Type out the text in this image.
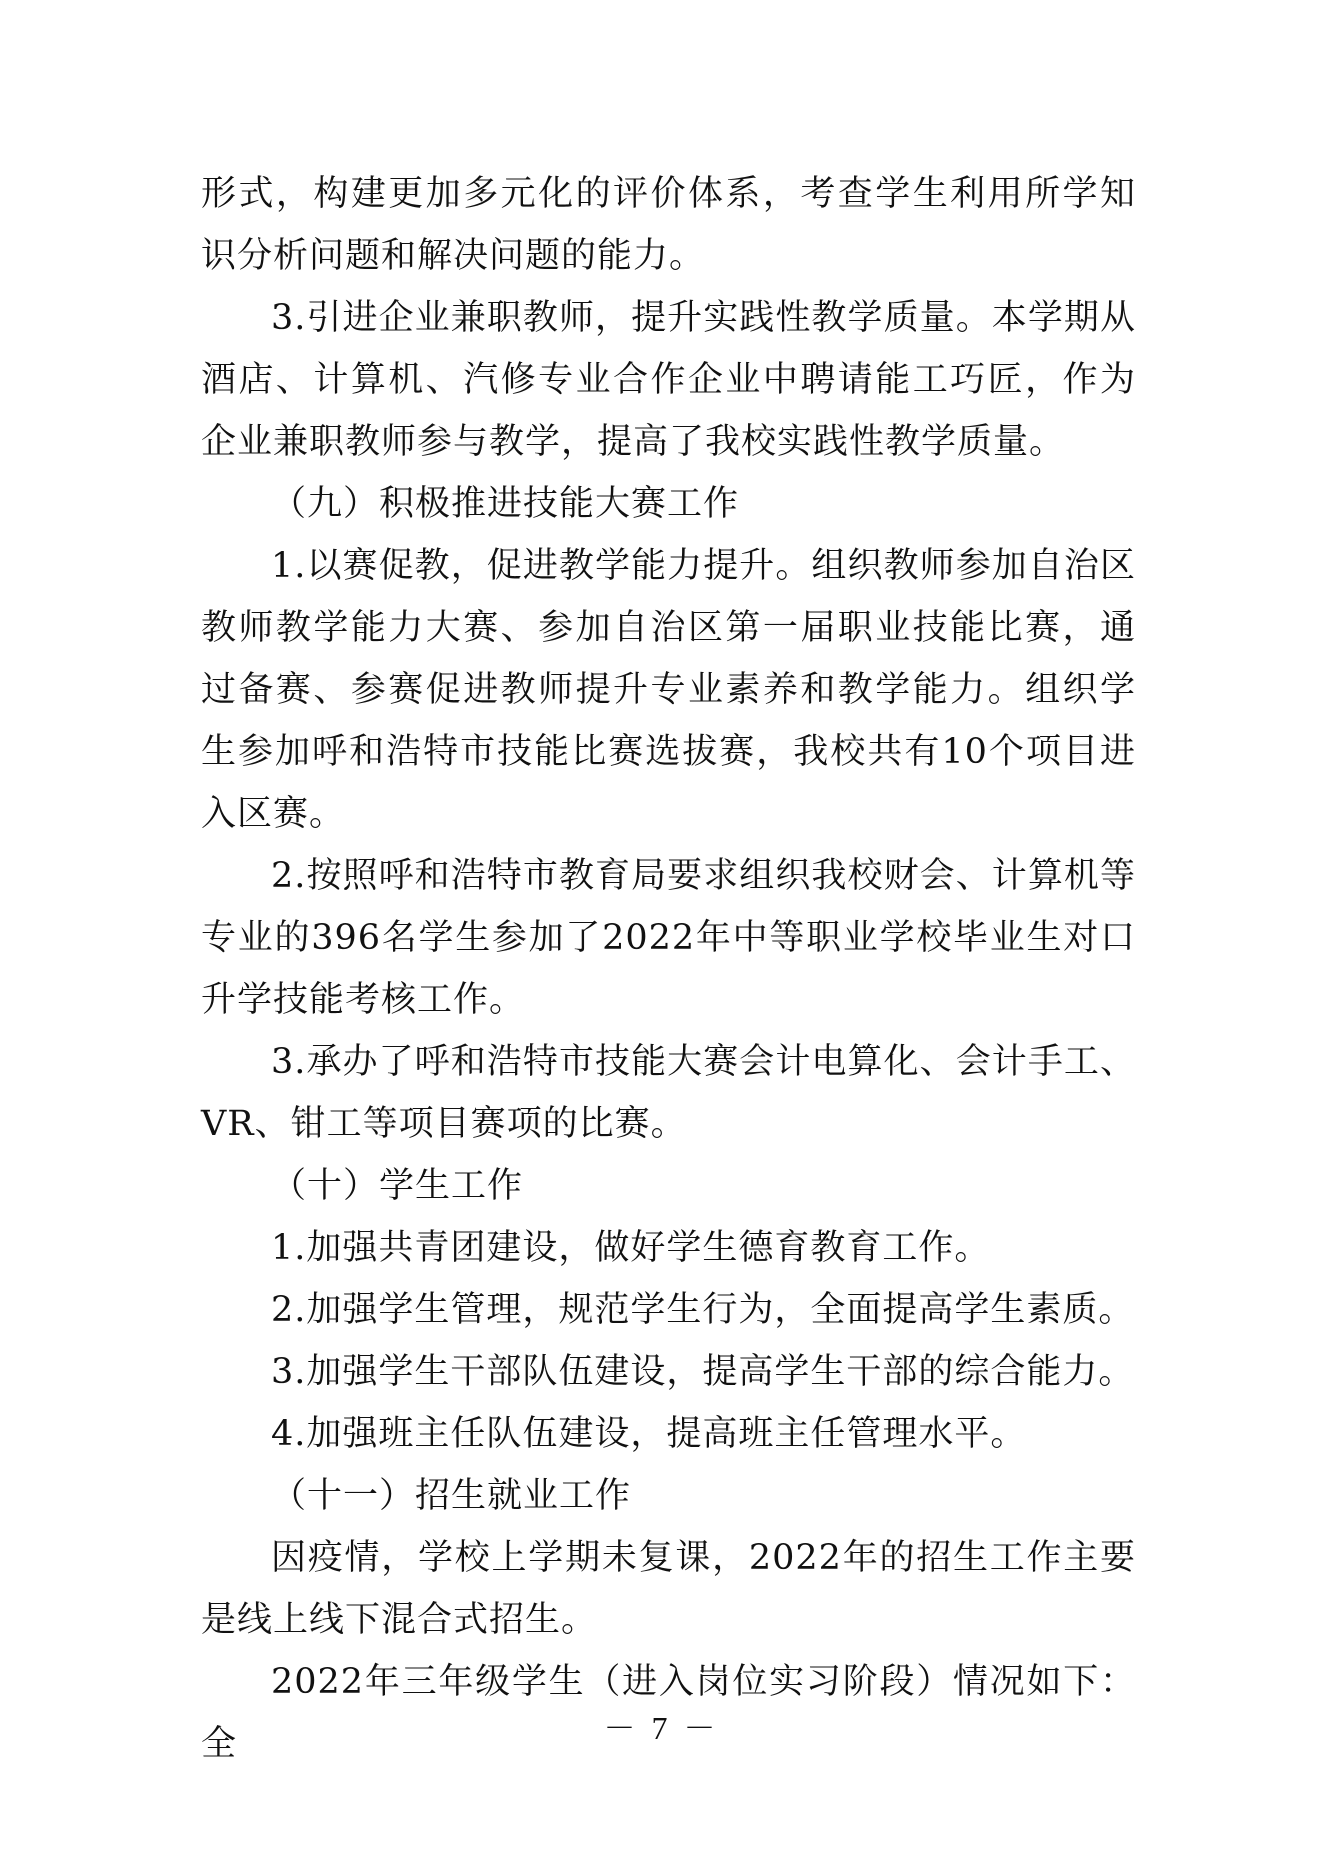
形式，构建更加多元化的评价体系，考查学生利用所学知识分析问题和解决问题的能力。

3.引进企业兼职教师，提升实践性教学质量。本学期从酒店、计算机、汽修专业合作企业中聘请能工巧匠，作为企业兼职教师参与教学，提高了我校实践性教学质量。

（九）积极推进技能大赛工作

1.以赛促教，促进教学能力提升。组织教师参加自治区教师教学能力大赛、参加自治区第一届职业技能比赛，通过备赛、参赛促进教师提升专业素养和教学能力。组织学生参加呼和浩特市技能比赛选拔赛，我校共有10个项目进入区赛。

2.按照呼和浩特市教育局要求组织我校财会、计算机等专业的396名学生参加了2022年中等职业学校毕业生对口升学技能考核工作。

3.承办了呼和浩特市技能大赛会计电算化、会计手工、VR、钳工等项目赛项的比赛。

（十）学生工作

1.加强共青团建设，做好学生德育教育工作。

2.加强学生管理，规范学生行为，全面提高学生素质。

3.加强学生干部队伍建设，提高学生干部的综合能力。

4.加强班主任队伍建设，提高班主任管理水平。

（十一）招生就业工作

因疫情，学校上学期未复课，2022年的招生工作主要是线上线下混合式招生。

2022年三年级学生（进入岗位实习阶段）情况如下：全	－ 7 －
